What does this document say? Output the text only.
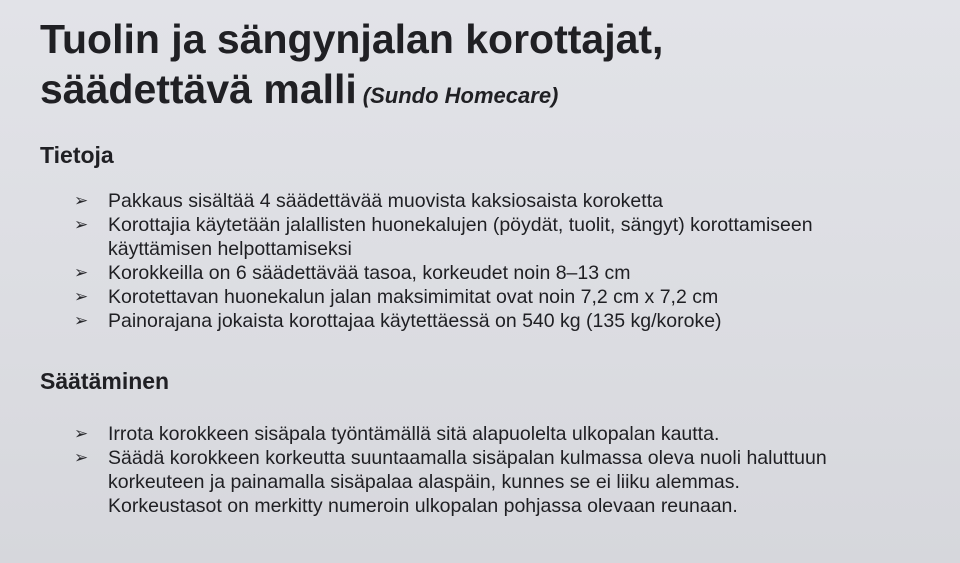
Tuolin ja sängynjalan korottajat,
säädettävä malli (Sundo Homecare)
Tietoja
➢ Pakkaus sisältää 4 säädettävää muovista kaksiosaista koroketta
➢ Korottajia käytetään jalallisten huonekalujen (pöydät, tuolit, sängyt) korottamiseen
käyttämisen helpottamiseksi
➢ Korokkeilla on 6 säädettävää tasoa, korkeudet noin 8–13 cm
➢ Korotettavan huonekalun jalan maksimimitat ovat noin 7,2 cm x 7,2 cm
➢ Painorajana jokaista korottajaa käytettäessä on 540 kg (135 kg/koroke)
Säätäminen
➢ Irrota korokkeen sisäpala työntämällä sitä alapuolelta ulkopalan kautta.
➢ Säädä korokkeen korkeutta suuntaamalla sisäpalan kulmassa oleva nuoli haluttuun
korkeuteen ja painamalla sisäpalaa alaspäin, kunnes se ei liiku alemmas.
Korkeustasot on merkitty numeroin ulkopalan pohjassa olevaan reunaan.
